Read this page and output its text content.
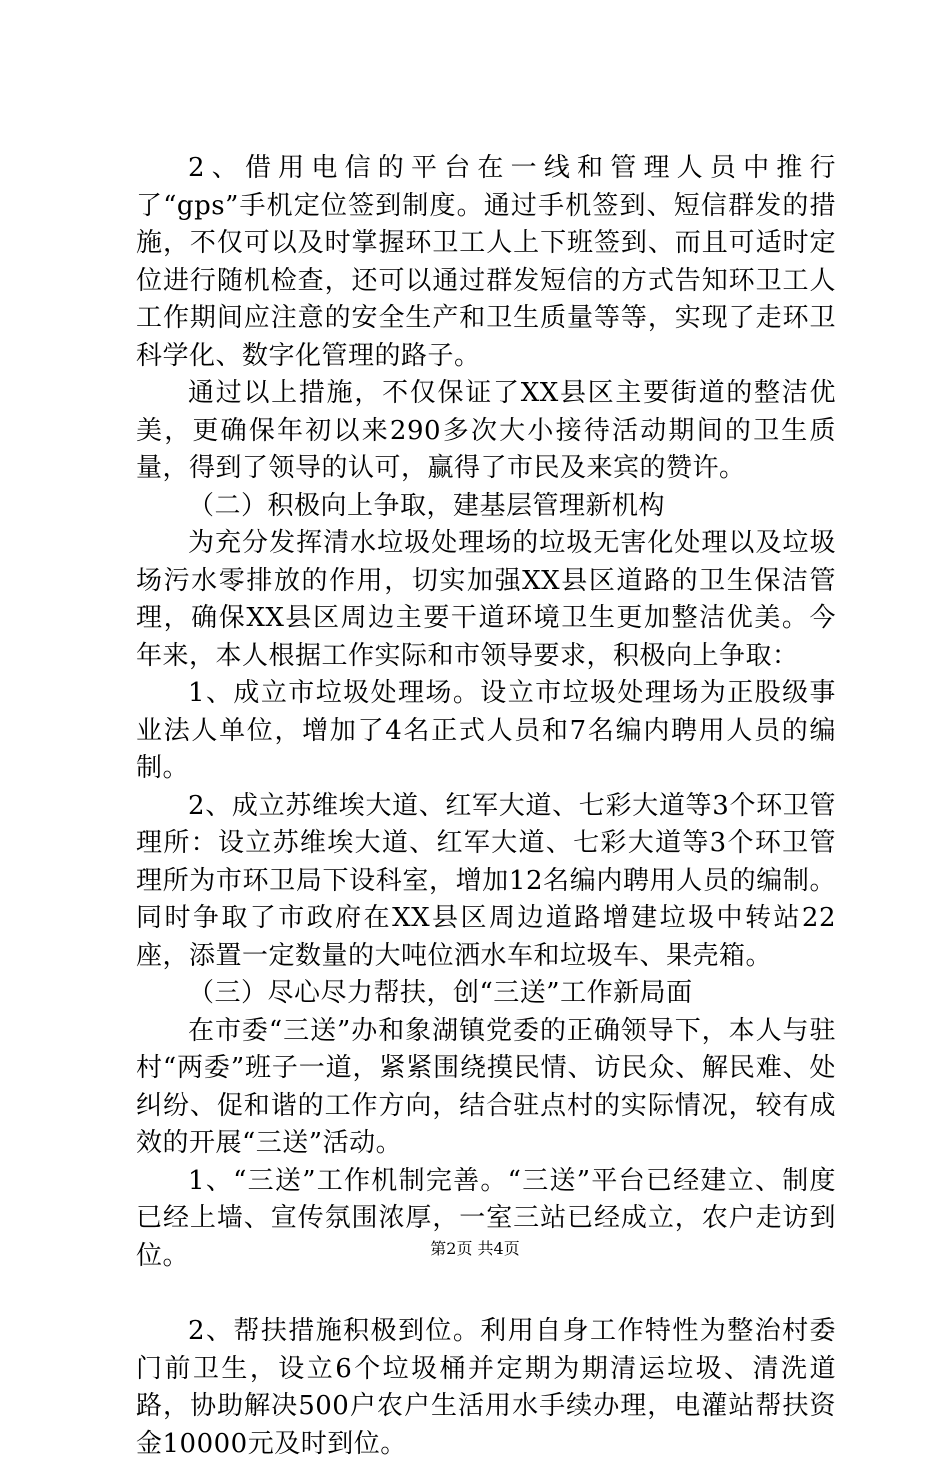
2、借用电信的平台在一线和管理人员中推行了“gps”手机定位签到制度。通过手机签到、短信群发的措施，不仅可以及时掌握环卫工人上下班签到、而且可适时定位进行随机检查，还可以通过群发短信的方式告知环卫工人工作期间应注意的安全生产和卫生质量等等，实现了走环卫科学化、数字化管理的路子。

通过以上措施，不仅保证了XX县区主要街道的整洁优美，更确保年初以来290多次大小接待活动期间的卫生质量，得到了领导的认可，赢得了市民及来宾的赞许。

（二）积极向上争取，建基层管理新机构

为充分发挥清水垃圾处理场的垃圾无害化处理以及垃圾场污水零排放的作用，切实加强XX县区道路的卫生保洁管理，确保XX县区周边主要干道环境卫生更加整洁优美。今年来，本人根据工作实际和市领导要求，积极向上争取：

1、成立市垃圾处理场。设立市垃圾处理场为正股级事业法人单位，增加了4名正式人员和7名编内聘用人员的编制。

2、成立苏维埃大道、红军大道、七彩大道等3个环卫管理所：设立苏维埃大道、红军大道、七彩大道等3个环卫管理所为市环卫局下设科室，增加12名编内聘用人员的编制。同时争取了市政府在XX县区周边道路增建垃圾中转站22座，添置一定数量的大吨位洒水车和垃圾车、果壳箱。

（三）尽心尽力帮扶，创“三送”工作新局面

在市委“三送”办和象湖镇党委的正确领导下，本人与驻村“两委”班子一道，紧紧围绕摸民情、访民众、解民难、处纠纷、促和谐的工作方向，结合驻点村的实际情况，较有成效的开展“三送”活动。

1、“三送”工作机制完善。“三送”平台已经建立、制度已经上墙、宣传氛围浓厚，一室三站已经成立，农户走访到位。

2、帮扶措施积极到位。利用自身工作特性为整治村委门前卫生，设立6个垃圾桶并定期为期清运垃圾、清洗道路，协助解决500户农户生活用水手续办理，电灌站帮扶资金10000元及时到位。

第2页 共4页
